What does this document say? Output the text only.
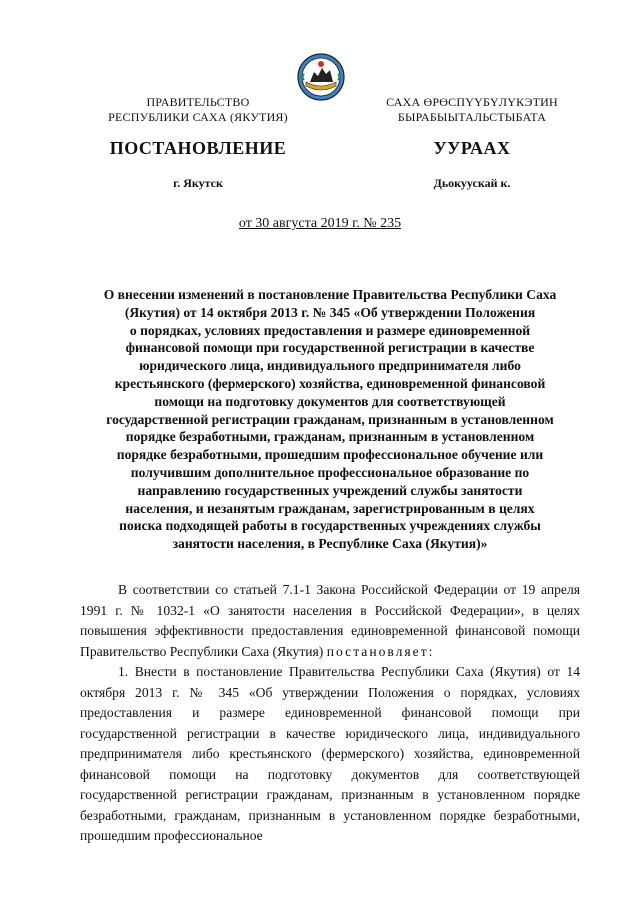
ПРАВИТЕЛЬСТВО
РЕСПУБЛИКИ САХА (ЯКУТИЯ)
САХА ӨРӨСПҮҮБҮЛҮКЭТИН
БЫРАБЫЫТАЛЬСТЫБАТА
ПОСТАНОВЛЕНИЕ	УУРААХ
г. Якутск	Дьокуускай к.
от 30 августа 2019 г. № 235
О внесении изменений в постановление Правительства Республики Саха
(Якутия) от 14 октября 2013 г. № 345 «Об утверждении Положения
о порядках, условиях предоставления и размере единовременной
финансовой помощи при государственной регистрации в качестве
юридического лица, индивидуального предпринимателя либо
крестьянского (фермерского) хозяйства, единовременной финансовой
помощи на подготовку документов для соответствующей
государственной регистрации гражданам, признанным в установленном
порядке безработными, гражданам, признанным в установленном
порядке безработными, прошедшим профессиональное обучение или
получившим дополнительное профессиональное образование по
направлению государственных учреждений службы занятости
населения, и незанятым гражданам, зарегистрированным в целях
поиска подходящей работы в государственных учреждениях службы
занятости населения, в Республике Саха (Якутия)»

В соответствии со статьей 7.1-1 Закона Российской Федерации от 19 апреля 1991 г. № 1032-1 «О занятости населения в Российской Федерации», в целях повышения эффективности предоставления единовременной финансовой помощи Правительство Республики Саха (Якутия) постановляет:

1. Внести в постановление Правительства Республики Саха (Якутия) от 14 октября 2013 г. № 345 «Об утверждении Положения о порядках, условиях предоставления и размере единовременной финансовой помощи при государственной регистрации в качестве юридического лица, индивидуального предпринимателя либо крестьянского (фермерского) хозяйства, единовременной финансовой помощи на подготовку документов для соответствующей государственной регистрации гражданам, признанным в установленном порядке безработными, гражданам, признанным в установленном порядке безработными, прошедшим профессиональное
